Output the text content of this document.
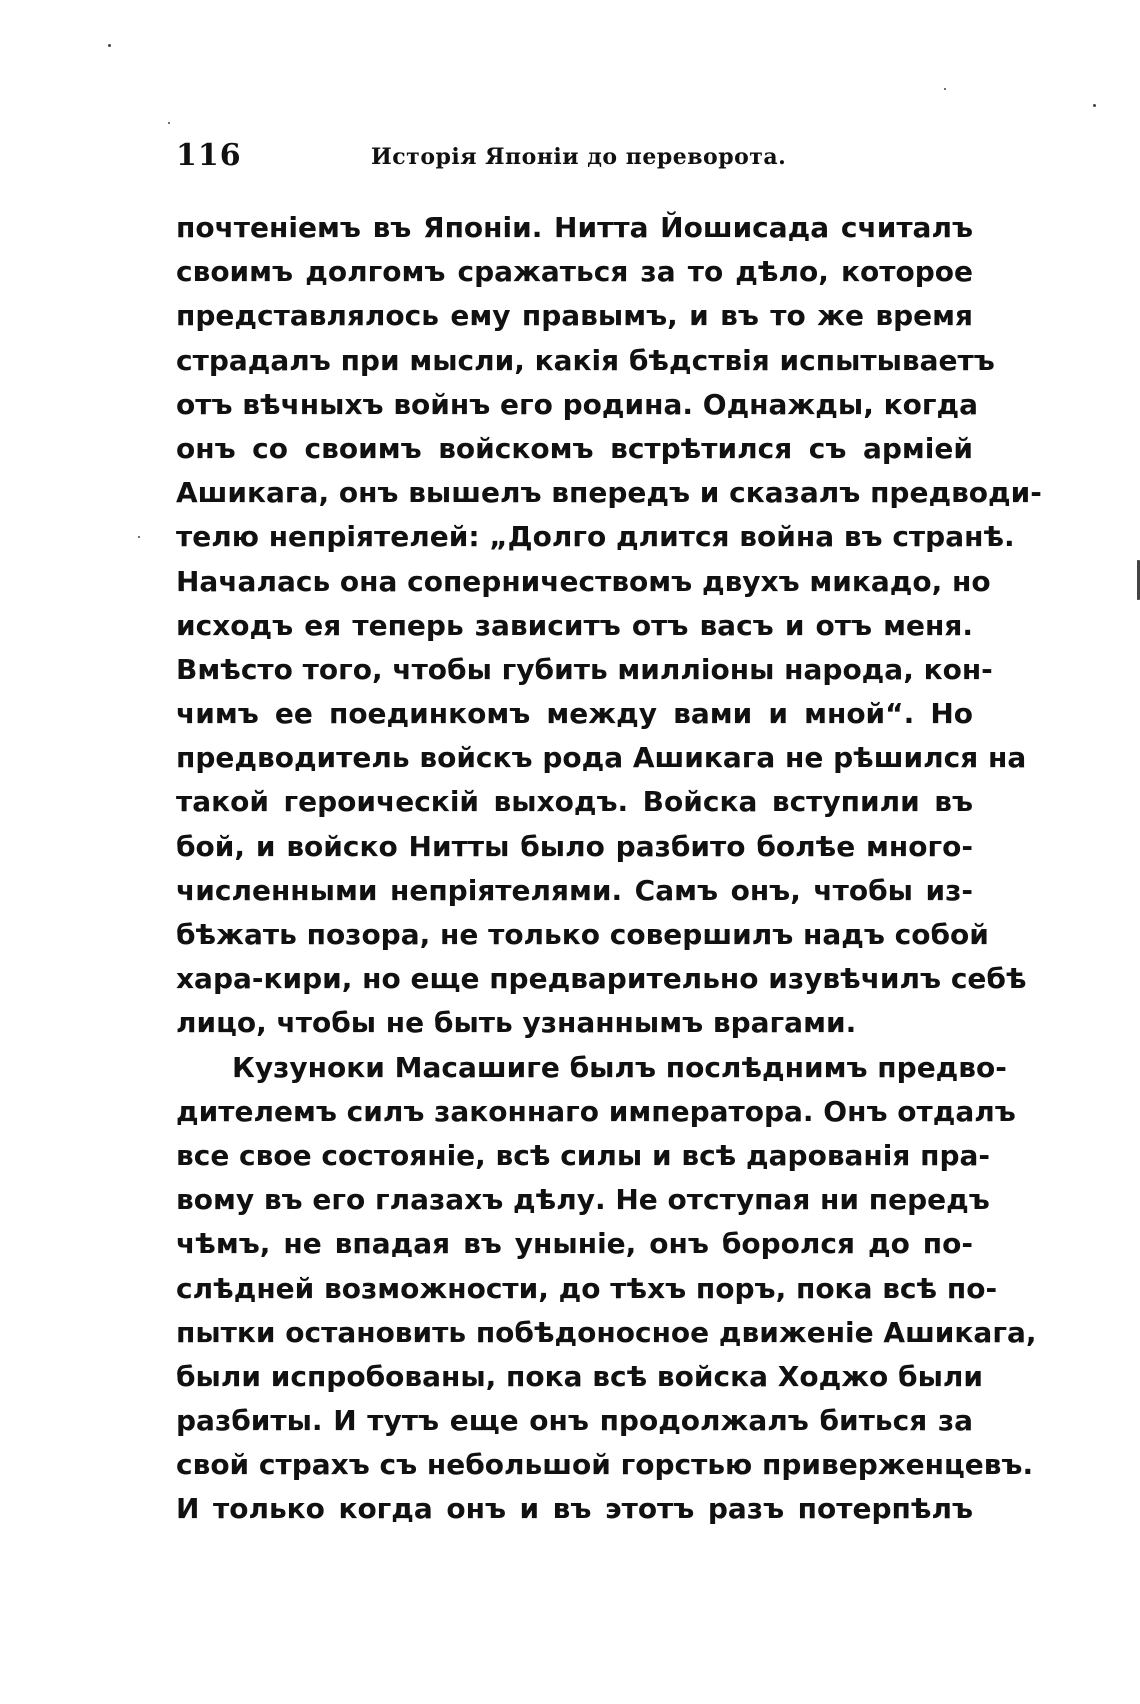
116	Исторія Японіи до переворота.
почтеніемъ въ Японіи. Нитта Йошисада считалъ
своимъ долгомъ сражаться за то дѣло, которое
представлялось ему правымъ, и въ то же время
страдалъ при мысли, какія бѣдствія испытываетъ
отъ вѣчныхъ войнъ его родина. Однажды, когда
онъ со своимъ войскомъ встрѣтился съ арміей
Ашикага, онъ вышелъ впередъ и сказалъ предводи-
телю непріятелей: „Долго длится война въ странѣ.
Началась она соперничествомъ двухъ микадо, но
исходъ ея теперь зависитъ отъ васъ и отъ меня.
Вмѣсто того, чтобы губить милліоны народа, кон-
чимъ ее поединкомъ между вами и мной“. Но
предводитель войскъ рода Ашикага не рѣшился на
такой героическій выходъ. Войска вступили въ
бой, и войско Нитты было разбито болѣе много-
численными непріятелями. Самъ онъ, чтобы из-
бѣжать позора, не только совершилъ надъ собой
хара-кири, но еще предварительно изувѣчилъ себѣ
лицо, чтобы не быть узнаннымъ врагами.
Кузуноки Масашиге былъ послѣднимъ предво-
дителемъ силъ законнаго императора. Онъ отдалъ
все свое состояніе, всѣ силы и всѣ дарованія пра-
вому въ его глазахъ дѣлу. Не отступая ни передъ
чѣмъ, не впадая въ уныніе, онъ боролся до по-
слѣдней возможности, до тѣхъ поръ, пока всѣ по-
пытки остановить побѣдоносное движеніе Ашикага,
были испробованы, пока всѣ войска Ходжо были
разбиты. И тутъ еще онъ продолжалъ биться за
свой страхъ съ небольшой горстью приверженцевъ.
И только когда онъ и въ этотъ разъ потерпѣлъ
